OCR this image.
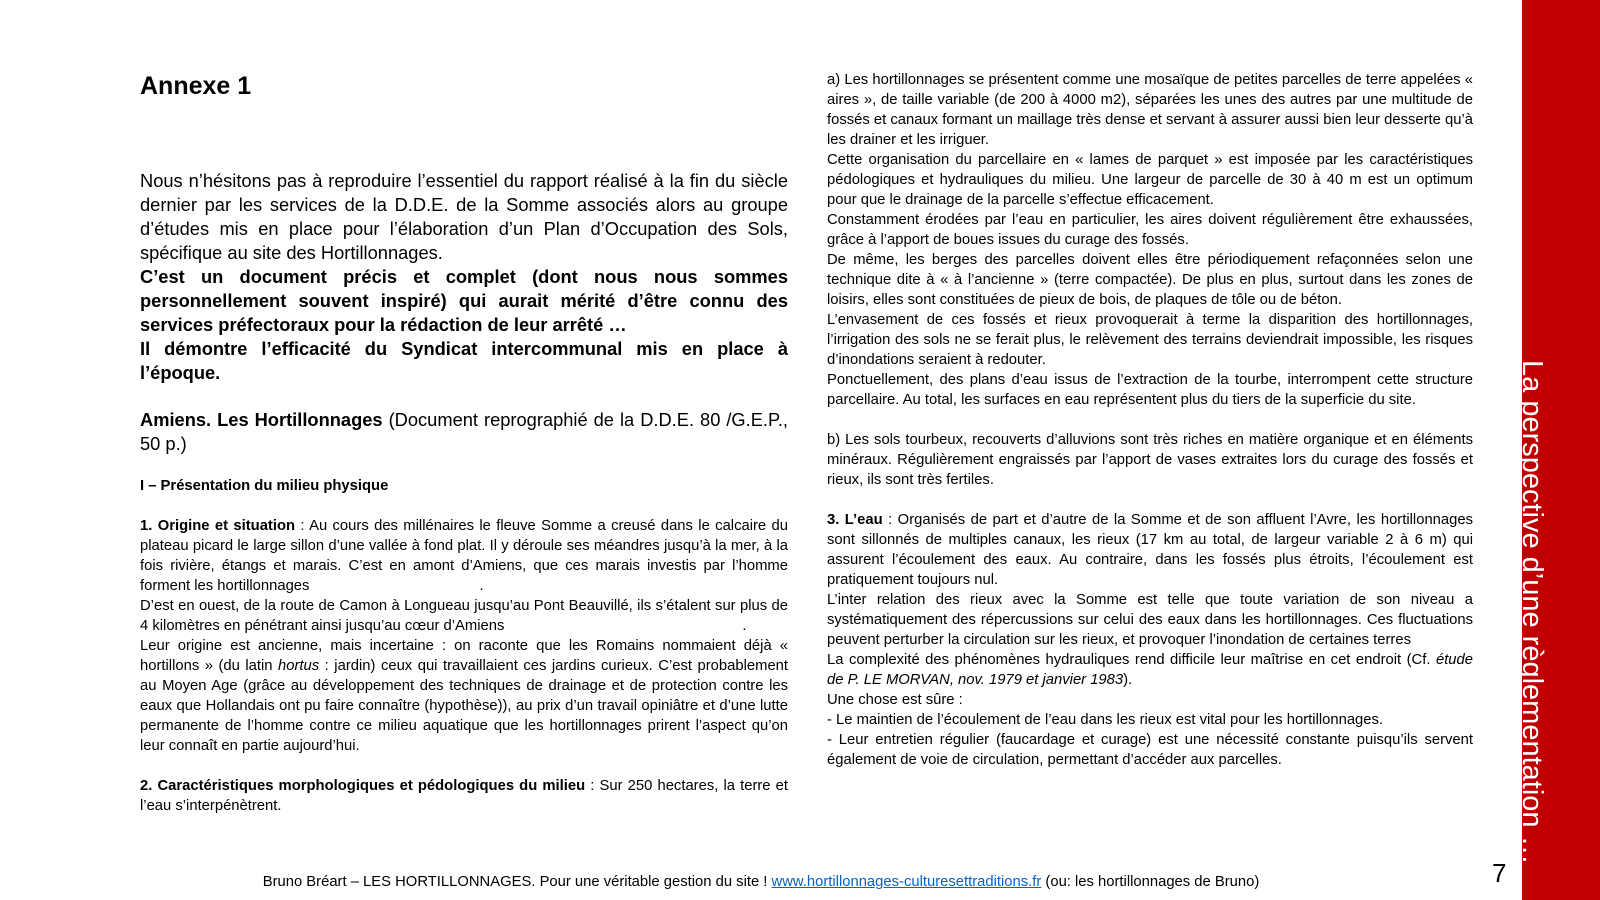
La perspective d’une règlementation …
7
Annexe 1

Nous n’hésitons pas à reproduire l’essentiel du rapport réalisé à la fin du siècle dernier par les services de la D.D.E. de la Somme associés alors au groupe d’études mis en place pour l’élaboration d’un Plan d’Occupation des Sols, spécifique au site des Hortillonnages.

C’est un document précis et complet (dont nous nous sommes personnellement souvent inspiré) qui aurait mérité d’être connu des services préfectoraux pour la rédaction de leur arrêté …

Il démontre l’efficacité du Syndicat intercommunal mis en place à l’époque.

Amiens. Les Hortillonnages (Document reprographié de la D.D.E. 80 /G.E.P., 50 p.)

I – Présentation du milieu physique

1. Origine et situation : Au cours des millénaires le fleuve Somme a creusé dans le calcaire du plateau picard le large sillon d’une vallée à fond plat. Il y déroule ses méandres jusqu’à la mer, à la fois rivière, étangs et marais. C’est en amont d’Amiens, que ces marais investis par l’homme forment les hortillonnages	.

D’est en ouest, de la route de Camon à Longueau jusqu’au Pont Beauvillé, ils s’étalent sur plus de 4 kilomètres en pénétrant ainsi jusqu’au cœur d’Amiens	.

Leur origine est ancienne, mais incertaine : on raconte que les Romains nommaient déjà « hortillons » (du latin hortus : jardin) ceux qui travaillaient ces jardins curieux. C’est probablement au Moyen Age (grâce au développement des techniques de drainage et de protection contre les eaux que Hollandais ont pu faire connaître (hypothèse)), au prix d’un travail opiniâtre et d’une lutte permanente de l’homme contre ce milieu aquatique que les hortillonnages prirent l’aspect qu’on leur connaît en partie aujourd’hui.

2. Caractéristiques morphologiques et pédologiques du milieu : Sur 250 hectares, la terre et l’eau s’interpénètrent.

a) Les hortillonnages se présentent comme une mosaïque de petites parcelles de terre appelées « aires », de taille variable (de 200 à 4000 m2), séparées les unes des autres par une multitude de fossés et canaux formant un maillage très dense et servant à assurer aussi bien leur desserte qu’à les drainer et les irriguer.

Cette organisation du parcellaire en « lames de parquet » est imposée par les caractéristiques pédologiques et hydrauliques du milieu. Une largeur de parcelle de 30 à 40 m est un optimum pour que le drainage de la parcelle s’effectue efficacement.

Constamment érodées par l’eau en particulier, les aires doivent régulièrement être exhaussées, grâce à l’apport de boues issues du curage des fossés.

De même, les berges des parcelles doivent elles être périodiquement refaçonnées selon une technique dite à « à l’ancienne » (terre compactée). De plus en plus, surtout dans les zones de loisirs, elles sont constituées de pieux de bois, de plaques de tôle ou de béton.

L’envasement de ces fossés et rieux provoquerait à terme la disparition des hortillonnages, l’irrigation des sols ne se ferait plus, le relèvement des terrains deviendrait impossible, les risques d’inondations seraient à redouter.

Ponctuellement, des plans d’eau issus de l’extraction de la tourbe, interrompent cette structure parcellaire. Au total, les surfaces en eau représentent plus du tiers de la superficie du site.

b) Les sols tourbeux, recouverts d’alluvions sont très riches en matière organique et en éléments minéraux. Régulièrement engraissés par l’apport de vases extraites lors du curage des fossés et rieux, ils sont très fertiles.

3. L’eau : Organisés de part et d’autre de la Somme et de son affluent l’Avre, les hortillonnages sont sillonnés de multiples canaux, les rieux (17 km au total, de largeur variable 2 à 6 m) qui assurent l’écoulement des eaux. Au contraire, dans les fossés plus étroits, l’écoulement est pratiquement toujours nul.

L’inter relation des rieux avec la Somme est telle que toute variation de son niveau a systématiquement des répercussions sur celui des eaux dans les hortillonnages. Ces fluctuations peuvent perturber la circulation sur les rieux, et provoquer l’inondation de certaines terres

La complexité des phénomènes hydrauliques rend difficile leur maîtrise en cet endroit (Cf. étude de P. LE MORVAN, nov. 1979 et janvier 1983).

Une chose est sûre :

- Le maintien de l’écoulement de l’eau dans les rieux est vital pour les hortillonnages.

- Leur entretien régulier (faucardage et curage) est une nécessité constante puisqu’ils servent également de voie de circulation, permettant d’accéder aux parcelles.

Bruno Bréart – LES HORTILLONNAGES. Pour une véritable gestion du site ! www.hortillonnages-culturesettraditions.fr (ou: les hortillonnages de Bruno)
